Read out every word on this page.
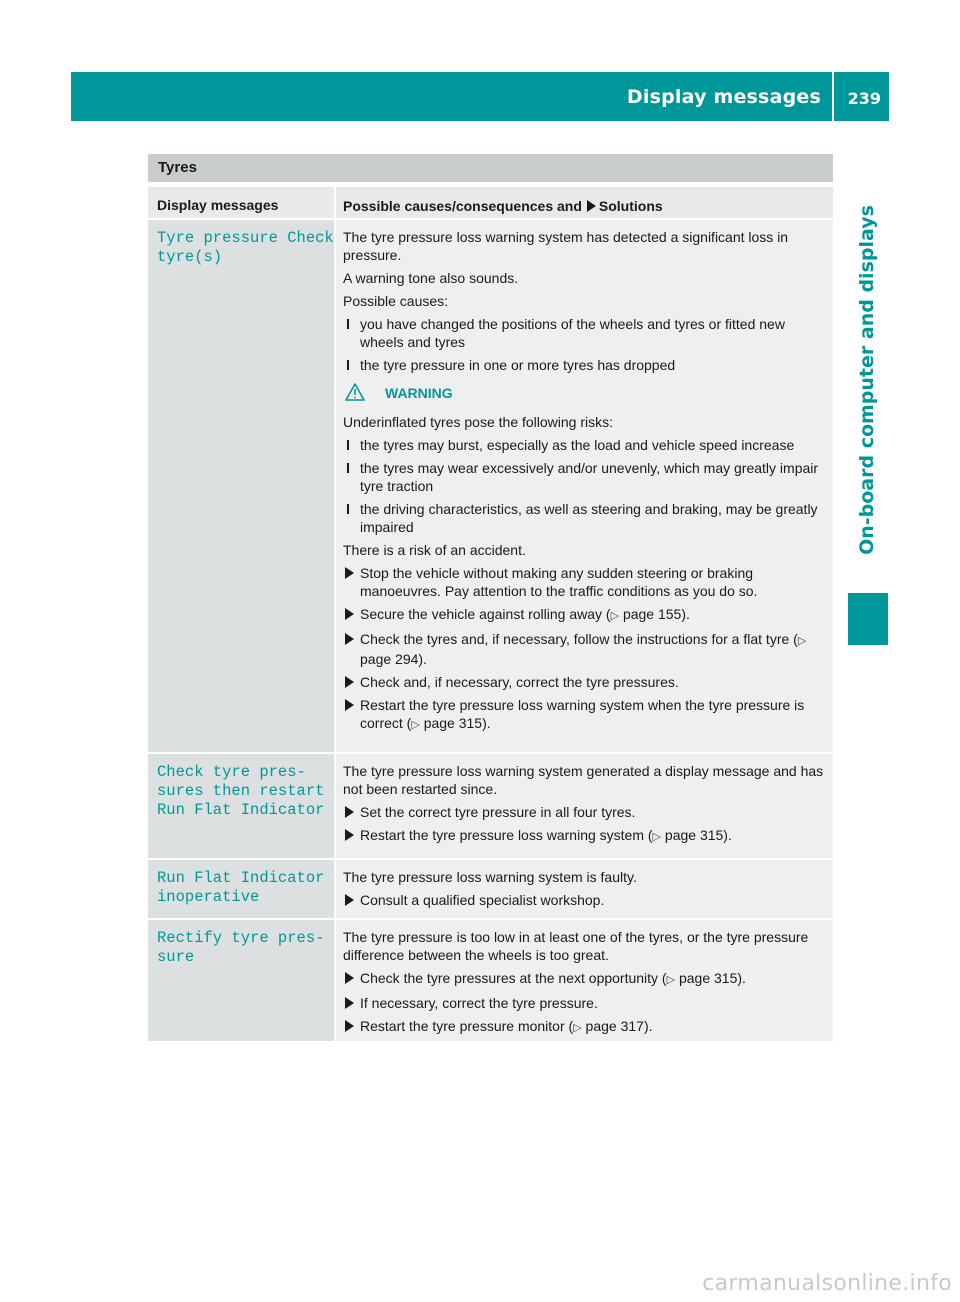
Display messages 239
On-board computer and displays
Tyres
Display messages	Possible causes/consequences and Solutions
Tyre pressure Check
tyre(s)

The tyre pressure loss warning system has detected a significant loss in pressure.

A warning tone also sounds.

Possible causes:

you have changed the positions of the wheels and tyres or fitted new wheels and tyres
the tyre pressure in one or more tyres has dropped
WARNING

Underinflated tyres pose the following risks:

the tyres may burst, especially as the load and vehicle speed increase
the tyres may wear excessively and/or unevenly, which may greatly impair tyre traction
the driving characteristics, as well as steering and braking, may be greatly impaired

There is a risk of an accident.

Stop the vehicle without making any sudden steering or braking manoeuvres. Pay attention to the traffic conditions as you do so.
Secure the vehicle against rolling away (▷ page 155).
Check the tyres and, if necessary, follow the instructions for a flat tyre (▷ page 294).
Check and, if necessary, correct the tyre pressures.
Restart the tyre pressure loss warning system when the tyre pressure is correct (▷ page 315).
Check tyre pres‐
sures then restart
Run Flat Indicator

The tyre pressure loss warning system generated a display message and has not been restarted since.

Set the correct tyre pressure in all four tyres.
Restart the tyre pressure loss warning system (▷ page 315).
Run Flat Indicator
inoperative

The tyre pressure loss warning system is faulty.

Consult a qualified specialist workshop.
Rectify tyre pres‐
sure

The tyre pressure is too low in at least one of the tyres, or the tyre pressure difference between the wheels is too great.

Check the tyre pressures at the next opportunity (▷ page 315).
If necessary, correct the tyre pressure.
Restart the tyre pressure monitor (▷ page 317).
carmanualsonline.info
